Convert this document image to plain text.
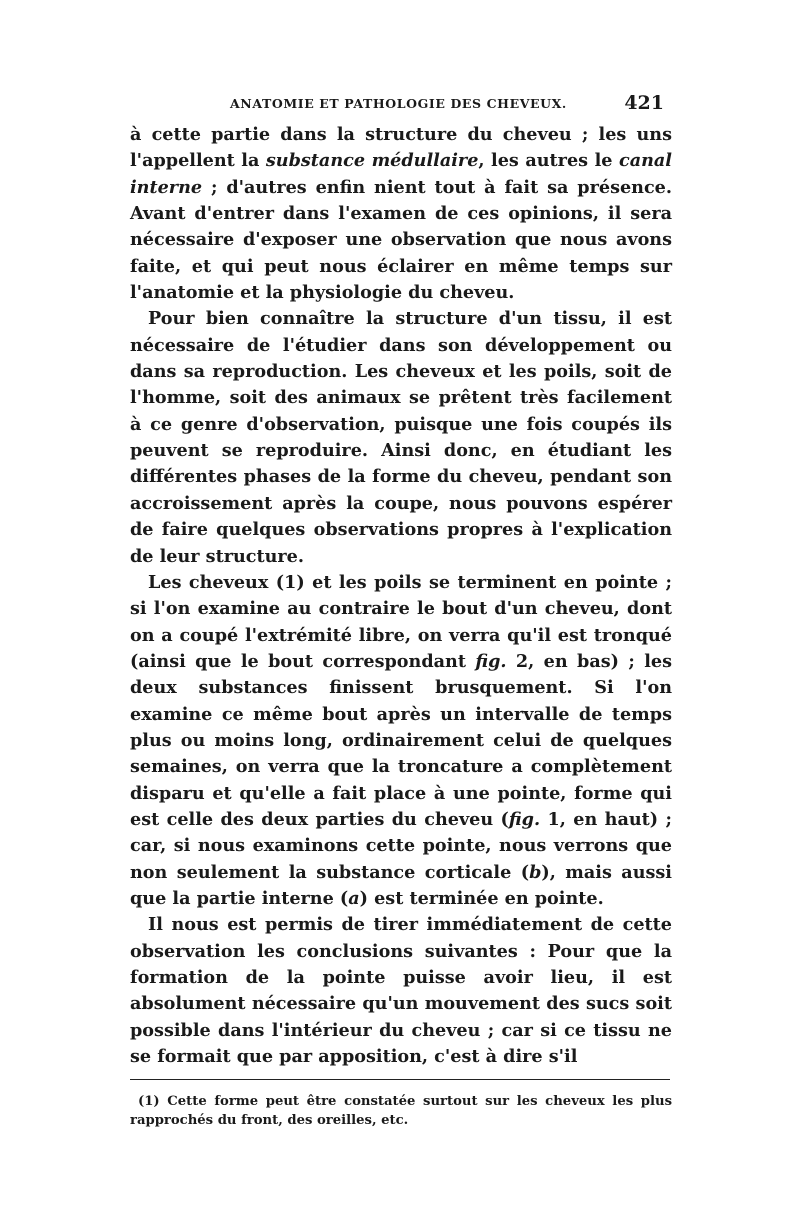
ANATOMIE ET PATHOLOGIE DES CHEVEUX.	421

à cette partie dans la structure du cheveu ; les uns l'appellent la substance médullaire, les autres le canal interne ; d'autres enfin nient tout à fait sa présence. Avant d'entrer dans l'examen de ces opinions, il sera nécessaire d'exposer une observation que nous avons faite, et qui peut nous éclairer en même temps sur l'anatomie et la physiologie du cheveu.

Pour bien connaître la structure d'un tissu, il est nécessaire de l'étudier dans son développement ou dans sa reproduction. Les cheveux et les poils, soit de l'homme, soit des animaux se prêtent très facilement à ce genre d'observation, puisque une fois coupés ils peuvent se reproduire. Ainsi donc, en étudiant les différentes phases de la forme du cheveu, pendant son accroissement après la coupe, nous pouvons espérer de faire quelques observations propres à l'explication de leur structure.

Les cheveux (1) et les poils se terminent en pointe ; si l'on examine au contraire le bout d'un cheveu, dont on a coupé l'extrémité libre, on verra qu'il est tronqué (ainsi que le bout correspondant fig. 2, en bas) ; les deux substances finissent brusquement. Si l'on examine ce même bout après un intervalle de temps plus ou moins long, ordinairement celui de quelques semaines, on verra que la troncature a complètement disparu et qu'elle a fait place à une pointe, forme qui est celle des deux parties du cheveu (fig. 1, en haut) ; car, si nous examinons cette pointe, nous verrons que non seulement la substance corticale (b), mais aussi que la partie interne (a) est terminée en pointe.

Il nous est permis de tirer immédiatement de cette observation les conclusions suivantes : Pour que la formation de la pointe puisse avoir lieu, il est absolument nécessaire qu'un mouvement des sucs soit possible dans l'intérieur du cheveu ; car si ce tissu ne se formait que par apposition, c'est à dire s'il

(1) Cette forme peut être constatée surtout sur les cheveux les plus rapprochés du front, des oreilles, etc.
